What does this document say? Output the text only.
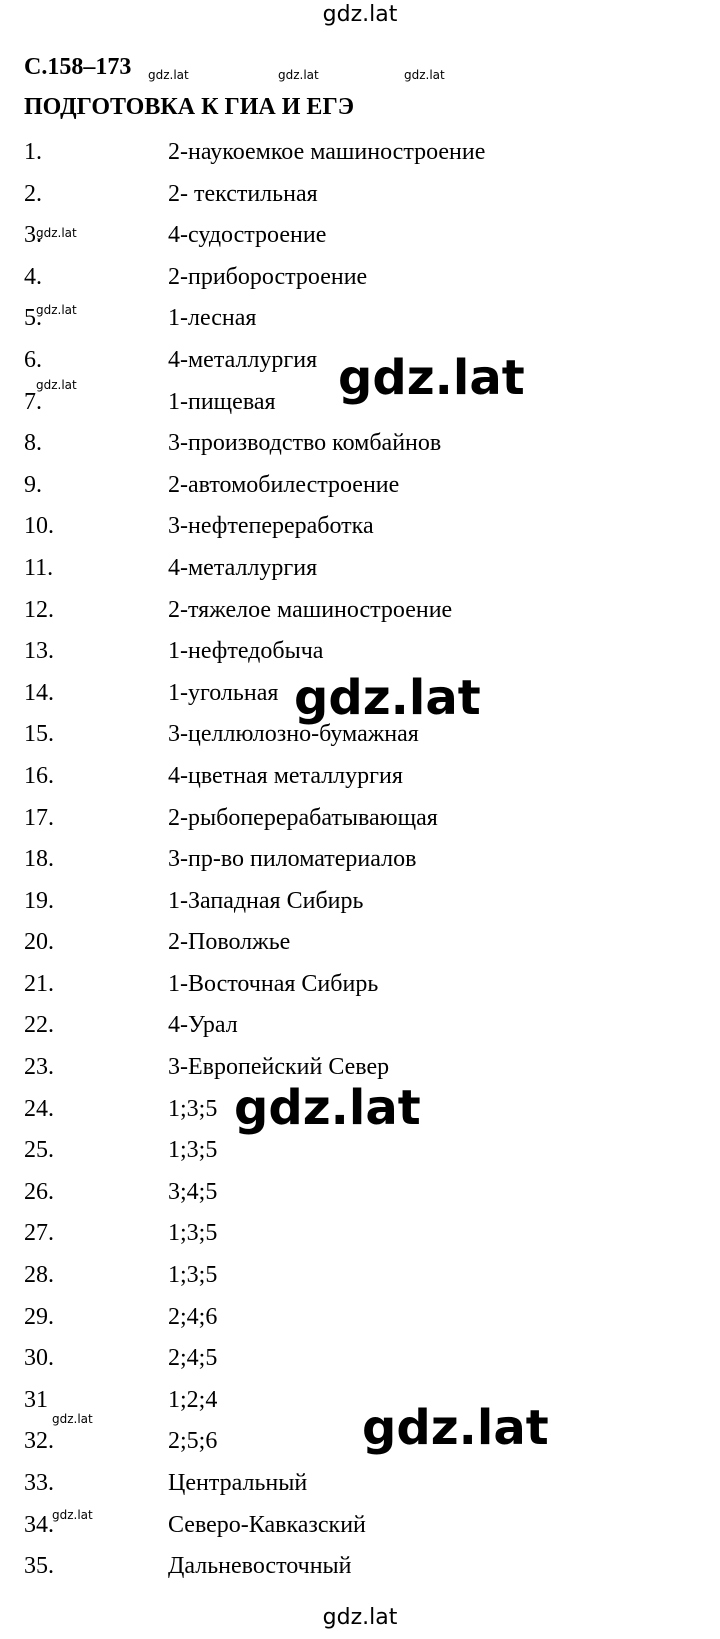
gdz.lat
С.158–173
ПОДГОТОВКА К ГИА И ЕГЭ
gdz.lat	gdz.lat	gdz.lat
1.	2-наукоемкое машиностроение
2.	2- текстильная
3.	4-судостроение
4.	2-приборостроение
5.	1-лесная
6.	4-металлургия
7.	1-пищевая
8.	3-производство комбайнов
9.	2-автомобилестроение
10.	3-нефтепереработка
11.	4-металлургия
12.	2-тяжелое машиностроение
13.	1-нефтедобыча
14.	1-угольная
15.	3-целлюлозно-бумажная
16.	4-цветная металлургия
17.	2-рыбоперерабатывающая
18.	3-пр-во пиломатериалов
19.	1-Западная Сибирь
20.	2-Поволжье
21.	1-Восточная Сибирь
22.	4-Урал
23.	3-Европейский Север
24.	1;3;5
25.	1;3;5
26.	3;4;5
27.	1;3;5
28.	1;3;5
29.	2;4;6
30.	2;4;5
31	1;2;4
32.	2;5;6
33.	Центральный
34.	Северо-Кавказский
35.	Дальневосточный
gdz.lat
gdz.lat
gdz.lat
gdz.lat
gdz.lat
gdz.lat
gdz.lat
gdz.lat
gdz.lat
gdz.lat
